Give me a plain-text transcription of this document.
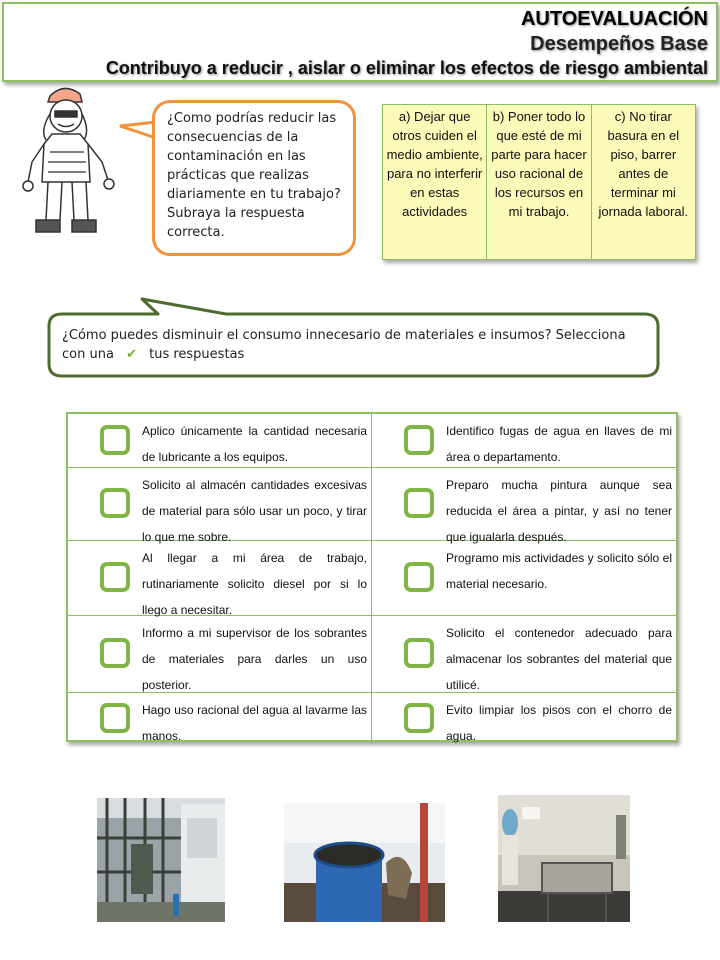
AUTOEVALUACIÓN
Desempeños Base
Contribuyo a reducir , aislar o eliminar los efectos de riesgo ambiental
¿Como podrías reducir las consecuencias de la contaminación en las prácticas que realizas diariamente en tu trabajo?
Subraya la respuesta correcta.
a) Dejar que otros cuiden el medio ambiente, para no interferir en estas actividades
b) Poner todo lo que esté de mi parte para hacer uso racional de los recursos en mi trabajo.
c) No tirar basura en el piso, barrer antes de terminar mi jornada laboral.
¿Cómo puedes disminuir el consumo innecesario de materiales e insumos? Selecciona con una ✔ tus respuestas
Aplico únicamente la cantidad necesaria de lubricante a los equipos.
Identifico fugas de agua en llaves de mi área o departamento.
Solicito al almacén cantidades excesivas de material para sólo usar un poco, y tirar lo que me sobre.
Preparo mucha pintura aunque sea reducida el área a pintar, y así no tener que igualarla después.
Al llegar a mi área de trabajo, rutinariamente solicito diesel por si lo llego a necesitar.
Programo mis actividades y solicito sólo el material necesario.
Informo a mi supervisor de los sobrantes de materiales para darles un uso posterior.
Solicito el contenedor adecuado para almacenar los sobrantes del material que utilicé.
Hago uso racional del agua al lavarme las manos.
Evito limpiar los pisos con el chorro de agua.
